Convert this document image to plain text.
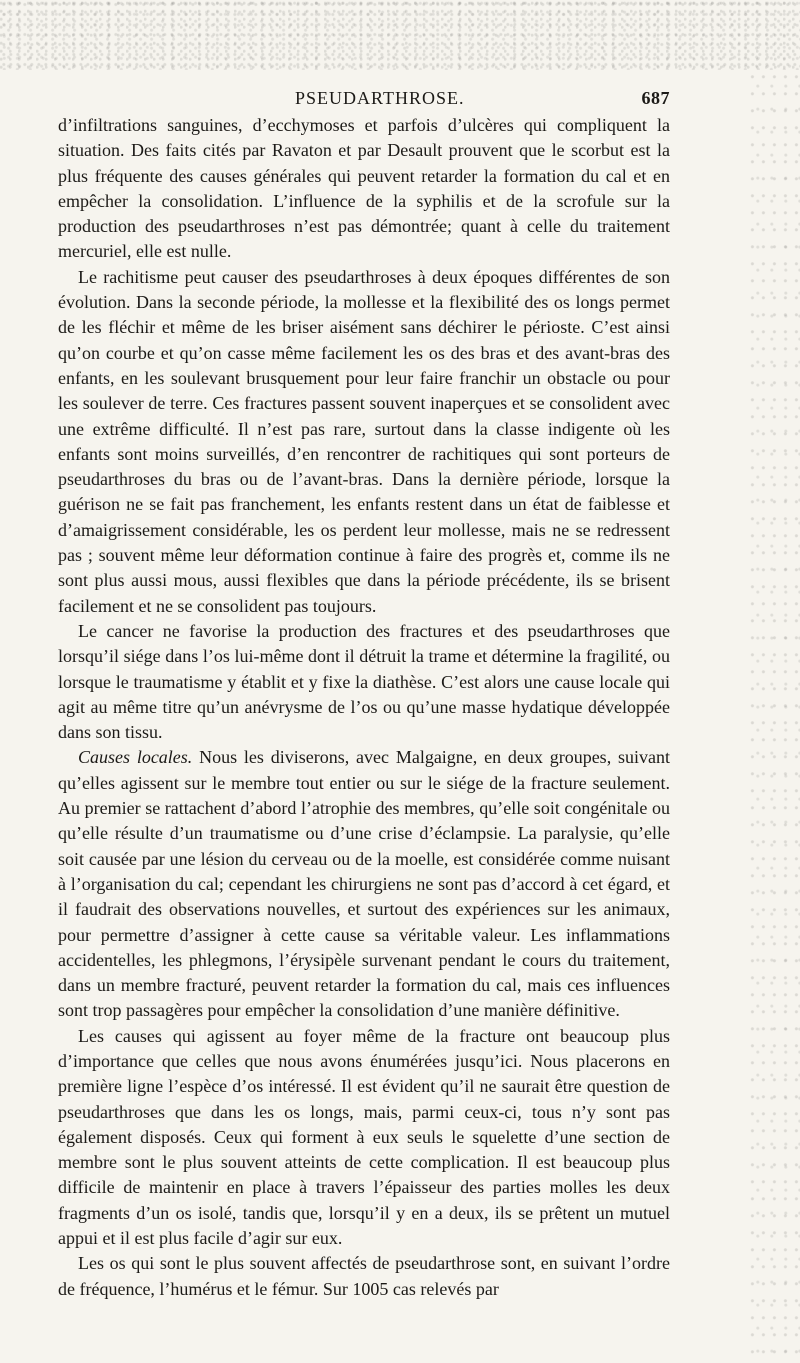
PSEUDARTHROSE.	687

d’infiltrations sanguines, d’ecchymoses et parfois d’ulcères qui compliquent la situation. Des faits cités par Ravaton et par Desault prouvent que le scorbut est la plus fréquente des causes générales qui peuvent retarder la formation du cal et en empêcher la consolidation. L’influence de la syphilis et de la scrofule sur la production des pseudarthroses n’est pas démontrée; quant à celle du traitement mercuriel, elle est nulle.

Le rachitisme peut causer des pseudarthroses à deux époques différentes de son évolution. Dans la seconde période, la mollesse et la flexibilité des os longs permet de les fléchir et même de les briser aisément sans déchirer le périoste. C’est ainsi qu’on courbe et qu’on casse même facilement les os des bras et des avant-bras des enfants, en les soulevant brusquement pour leur faire franchir un obstacle ou pour les soulever de terre. Ces fractures passent souvent inaperçues et se consolident avec une extrême difficulté. Il n’est pas rare, surtout dans la classe indigente où les enfants sont moins surveillés, d’en rencontrer de rachitiques qui sont porteurs de pseudarthroses du bras ou de l’avant-bras. Dans la dernière période, lorsque la guérison ne se fait pas franchement, les enfants restent dans un état de faiblesse et d’amaigrissement considérable, les os perdent leur mollesse, mais ne se redressent pas ; souvent même leur déformation continue à faire des progrès et, comme ils ne sont plus aussi mous, aussi flexibles que dans la période précédente, ils se brisent facilement et ne se consolident pas toujours.

Le cancer ne favorise la production des fractures et des pseudarthroses que lorsqu’il siége dans l’os lui-même dont il détruit la trame et détermine la fragilité, ou lorsque le traumatisme y établit et y fixe la diathèse. C’est alors une cause locale qui agit au même titre qu’un anévrysme de l’os ou qu’une masse hydatique développée dans son tissu.

Causes locales. Nous les diviserons, avec Malgaigne, en deux groupes, suivant qu’elles agissent sur le membre tout entier ou sur le siége de la fracture seulement. Au premier se rattachent d’abord l’atrophie des membres, qu’elle soit congénitale ou qu’elle résulte d’un traumatisme ou d’une crise d’éclampsie. La paralysie, qu’elle soit causée par une lésion du cerveau ou de la moelle, est considérée comme nuisant à l’organisation du cal; cependant les chirurgiens ne sont pas d’accord à cet égard, et il faudrait des observations nouvelles, et surtout des expériences sur les animaux, pour permettre d’assigner à cette cause sa véritable valeur. Les inflammations accidentelles, les phlegmons, l’érysipèle survenant pendant le cours du traitement, dans un membre fracturé, peuvent retarder la formation du cal, mais ces influences sont trop passagères pour empêcher la consolidation d’une manière définitive.

Les causes qui agissent au foyer même de la fracture ont beaucoup plus d’importance que celles que nous avons énumérées jusqu’ici. Nous placerons en première ligne l’espèce d’os intéressé. Il est évident qu’il ne saurait être question de pseudarthroses que dans les os longs, mais, parmi ceux-ci, tous n’y sont pas également disposés. Ceux qui forment à eux seuls le squelette d’une section de membre sont le plus souvent atteints de cette complication. Il est beaucoup plus difficile de maintenir en place à travers l’épaisseur des parties molles les deux fragments d’un os isolé, tandis que, lorsqu’il y en a deux, ils se prêtent un mutuel appui et il est plus facile d’agir sur eux.

Les os qui sont le plus souvent affectés de pseudarthrose sont, en suivant l’ordre de fréquence, l’humérus et le fémur. Sur 1005 cas relevés par
